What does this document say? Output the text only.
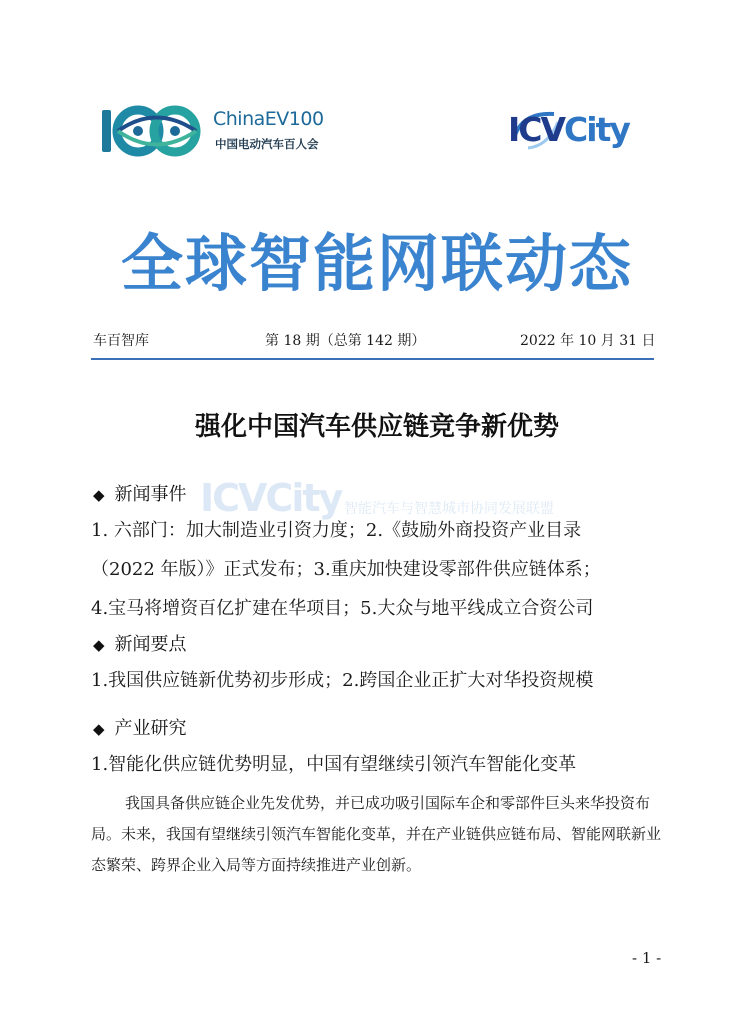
ChinaEV100
中国电动汽车百人会	ICVCity
全球智能网联动态
车百智库	第 18 期（总第 142 期）	2022 年 10 月 31 日
强化中国汽车供应链竞争新优势
ICVCity 智能汽车与智慧城市协同发展联盟
◆ 新闻事件
1. 六部门：加大制造业引资力度；2.《鼓励外商投资产业目录
（2022 年版）》正式发布；3.重庆加快建设零部件供应链体系；
4.宝马将增资百亿扩建在华项目；5.大众与地平线成立合资公司
◆ 新闻要点
1.我国供应链新优势初步形成；2.跨国企业正扩大对华投资规模
◆ 产业研究
1.智能化供应链优势明显，中国有望继续引领汽车智能化变革
我国具备供应链企业先发优势，并已成功吸引国际车企和零部件巨头来华投资布局。未来，我国有望继续引领汽车智能化变革，并在产业链供应链布局、智能网联新业态繁荣、跨界企业入局等方面持续推进产业创新。
- 1 -
